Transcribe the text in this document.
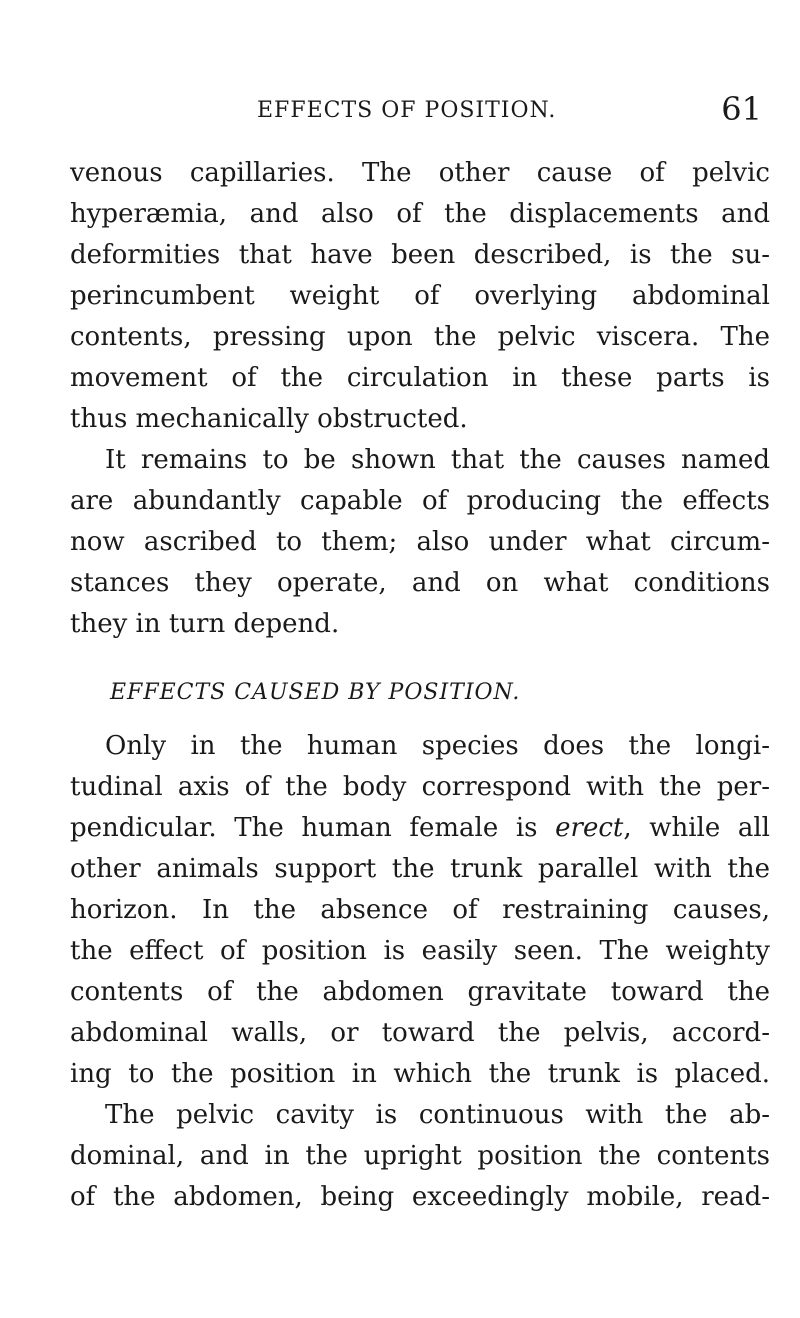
EFFECTS OF POSITION.	61
venous capillaries. The other cause of pelvic
hyperæmia, and also of the displacements and
deformities that have been described, is the su-
perincumbent weight of overlying abdominal
contents, pressing upon the pelvic viscera. The
movement of the circulation in these parts is
thus mechanically obstructed.
It remains to be shown that the causes named
are abundantly capable of producing the effects
now ascribed to them; also under what circum-
stances they operate, and on what conditions
they in turn depend.
EFFECTS CAUSED BY POSITION.
Only in the human species does the longi-
tudinal axis of the body correspond with the per-
pendicular. The human female is erect, while all
other animals support the trunk parallel with the
horizon. In the absence of restraining causes,
the effect of position is easily seen. The weighty
contents of the abdomen gravitate toward the
abdominal walls, or toward the pelvis, accord-
ing to the position in which the trunk is placed.
The pelvic cavity is continuous with the ab-
dominal, and in the upright position the contents
of the abdomen, being exceedingly mobile, read-
